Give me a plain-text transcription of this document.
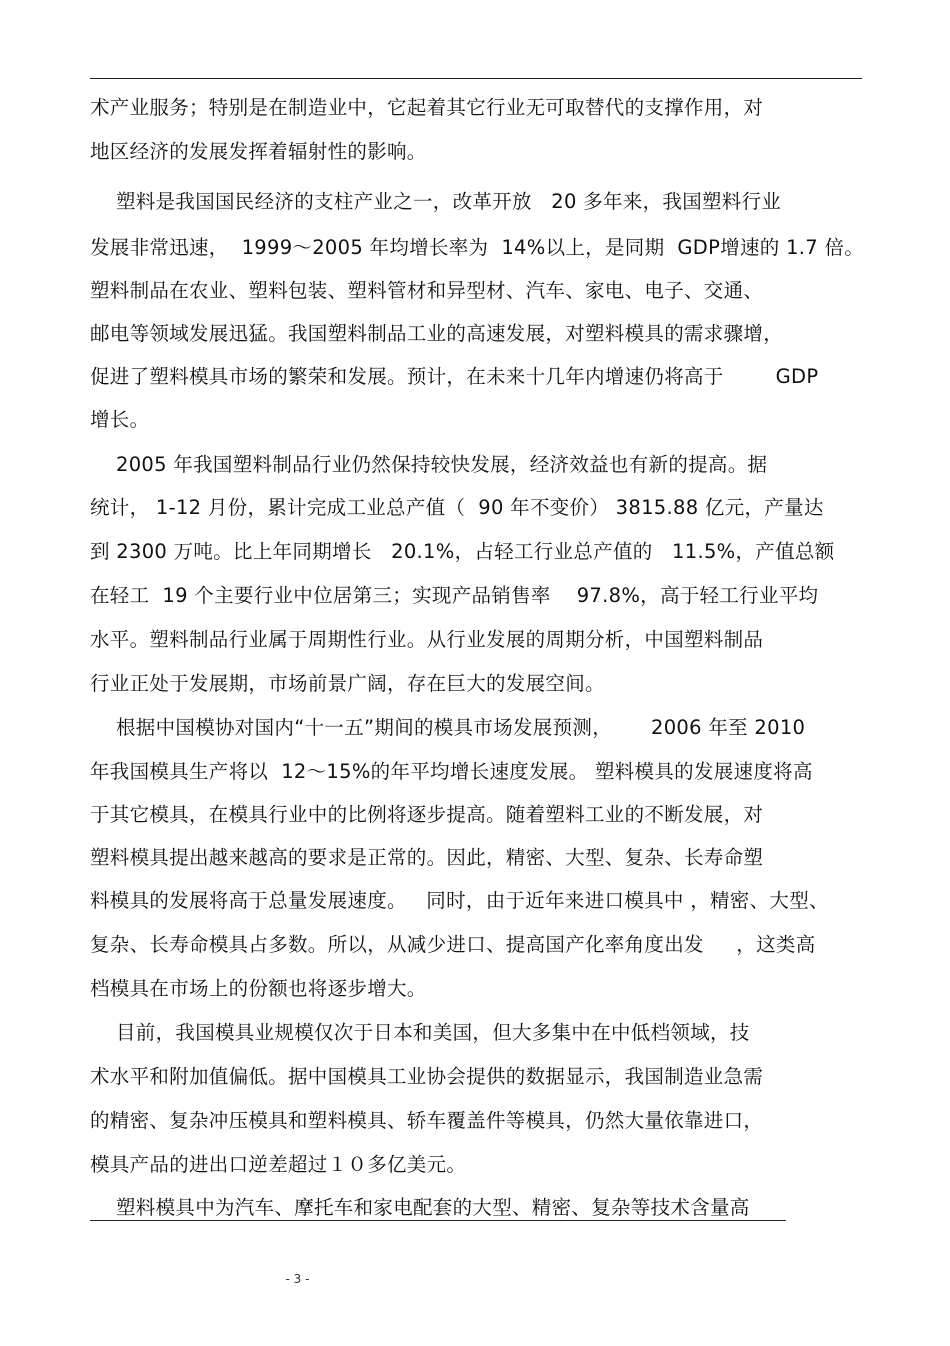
术产业服务；特别是在制造业中，它起着其它行业无可取替代的支撑作用，对
地区经济的发展发挥着辐射性的影响。
塑料是我国国民经济的支柱产业之一，改革开放   20 多年来，我国塑料行业
发展非常迅速，  1999～2005 年均增长率为  14%以上，是同期  GDP增速的 1.7 倍。
塑料制品在农业、塑料包装、塑料管材和异型材、汽车、家电、电子、交通、
邮电等领域发展迅猛。我国塑料制品工业的高速发展，对塑料模具的需求骤增，
促进了塑料模具市场的繁荣和发展。预计，在未来十几年内增速仍将高于        GDP
增长。
2005 年我国塑料制品行业仍然保持较快发展，经济效益也有新的提高。据
统计， 1-12 月份，累计完成工业总产值（  90 年不变价） 3815.88 亿元，产量达
到 2300 万吨。比上年同期增长   20.1%，占轻工行业总产值的   11.5%，产值总额
在轻工  19 个主要行业中位居第三；实现产品销售率    97.8%，高于轻工行业平均
水平。塑料制品行业属于周期性行业。从行业发展的周期分析，中国塑料制品
行业正处于发展期，市场前景广阔，存在巨大的发展空间。
根据中国模协对国内“十一五”期间的模具市场发展预测，      2006 年至 2010
年我国模具生产将以  12～15%的年平均增长速度发展。 塑料模具的发展速度将高
于其它模具，在模具行业中的比例将逐步提高。随着塑料工业的不断发展，对
塑料模具提出越来越高的要求是正常的。因此，精密、大型、复杂、长寿命塑
料模具的发展将高于总量发展速度。   同时，由于近年来进口模具中 ，精密、大型、
复杂、长寿命模具占多数。所以，从减少进口、提高国产化率角度出发     ，这类高
档模具在市场上的份额也将逐步增大。
目前，我国模具业规模仅次于日本和美国，但大多集中在中低档领域，技
术水平和附加值偏低。据中国模具工业协会提供的数据显示，我国制造业急需
的精密、复杂冲压模具和塑料模具、轿车覆盖件等模具，仍然大量依靠进口，
模具产品的进出口逆差超过１０多亿美元。
塑料模具中为汽车、摩托车和家电配套的大型、精密、复杂等技术含量高
- 3 -
